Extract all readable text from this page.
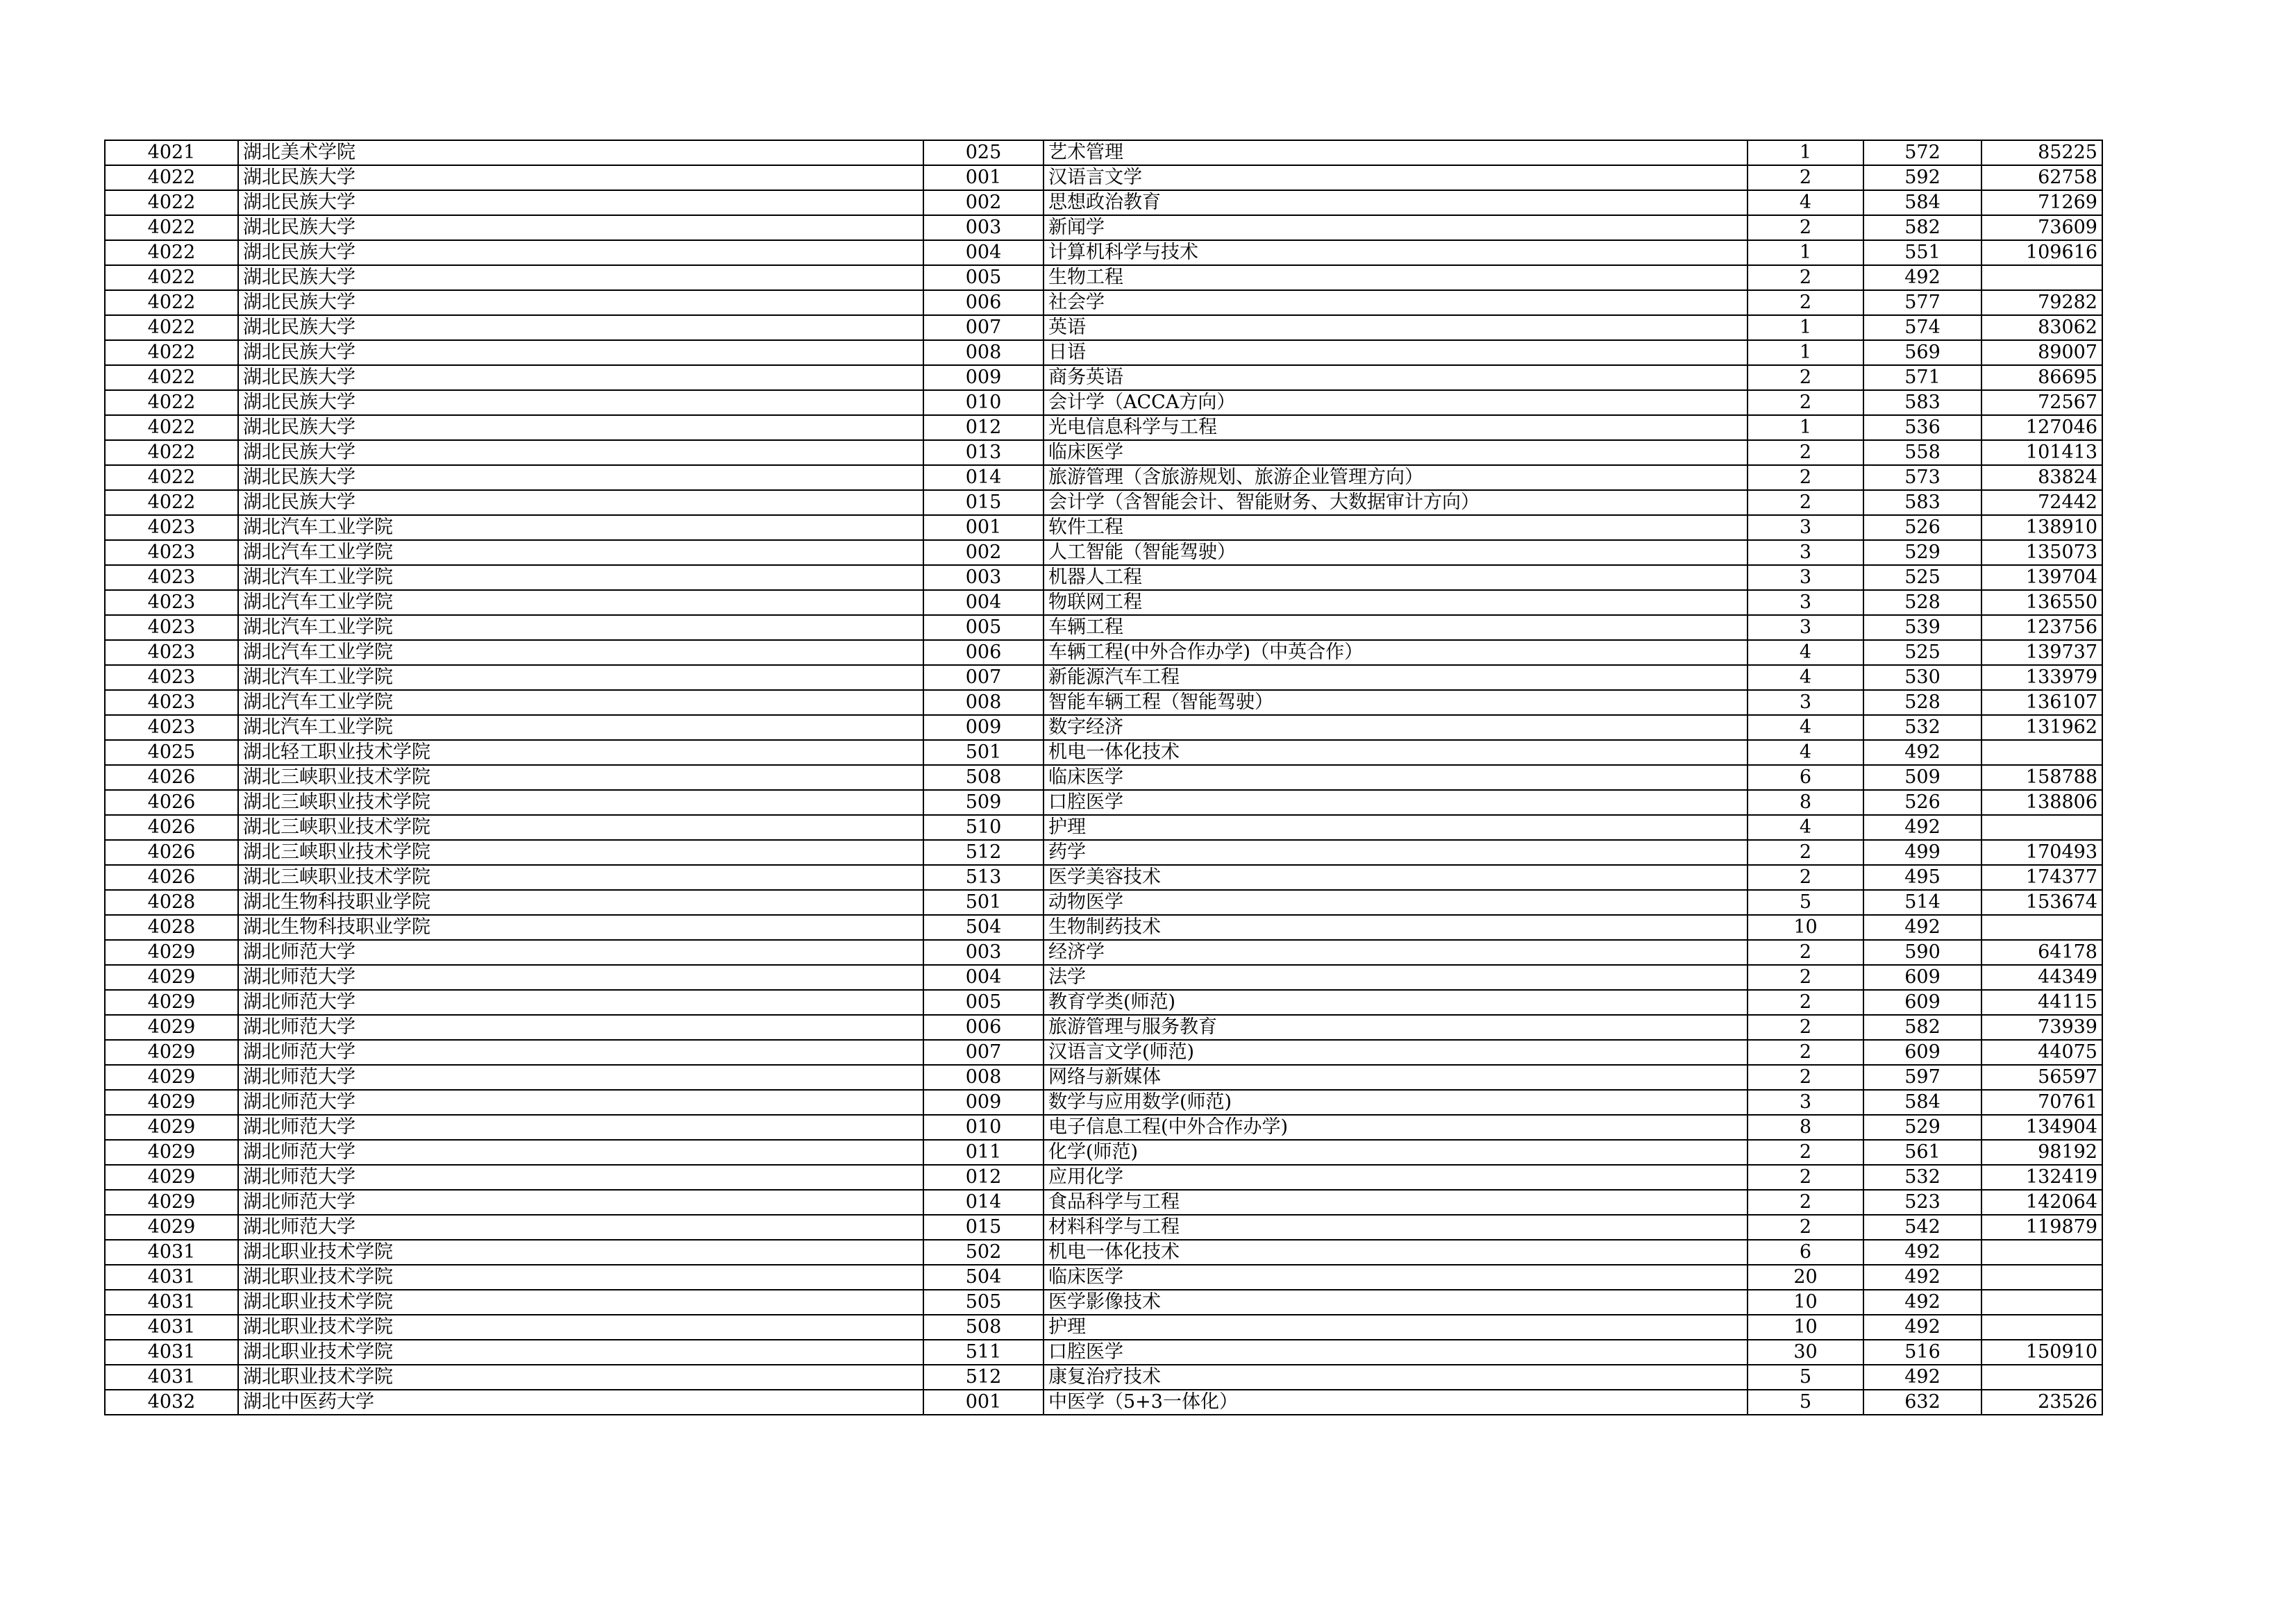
4021	湖北美术学院	025	艺术管理	1	572	85225
4022	湖北民族大学	001	汉语言文学	2	592	62758
4022	湖北民族大学	002	思想政治教育	4	584	71269
4022	湖北民族大学	003	新闻学	2	582	73609
4022	湖北民族大学	004	计算机科学与技术	1	551	109616
4022	湖北民族大学	005	生物工程	2	492	
4022	湖北民族大学	006	社会学	2	577	79282
4022	湖北民族大学	007	英语	1	574	83062
4022	湖北民族大学	008	日语	1	569	89007
4022	湖北民族大学	009	商务英语	2	571	86695
4022	湖北民族大学	010	会计学（ACCA方向）	2	583	72567
4022	湖北民族大学	012	光电信息科学与工程	1	536	127046
4022	湖北民族大学	013	临床医学	2	558	101413
4022	湖北民族大学	014	旅游管理（含旅游规划、旅游企业管理方向）	2	573	83824
4022	湖北民族大学	015	会计学（含智能会计、智能财务、大数据审计方向）	2	583	72442
4023	湖北汽车工业学院	001	软件工程	3	526	138910
4023	湖北汽车工业学院	002	人工智能（智能驾驶）	3	529	135073
4023	湖北汽车工业学院	003	机器人工程	3	525	139704
4023	湖北汽车工业学院	004	物联网工程	3	528	136550
4023	湖北汽车工业学院	005	车辆工程	3	539	123756
4023	湖北汽车工业学院	006	车辆工程(中外合作办学)（中英合作）	4	525	139737
4023	湖北汽车工业学院	007	新能源汽车工程	4	530	133979
4023	湖北汽车工业学院	008	智能车辆工程（智能驾驶）	3	528	136107
4023	湖北汽车工业学院	009	数字经济	4	532	131962
4025	湖北轻工职业技术学院	501	机电一体化技术	4	492	
4026	湖北三峡职业技术学院	508	临床医学	6	509	158788
4026	湖北三峡职业技术学院	509	口腔医学	8	526	138806
4026	湖北三峡职业技术学院	510	护理	4	492	
4026	湖北三峡职业技术学院	512	药学	2	499	170493
4026	湖北三峡职业技术学院	513	医学美容技术	2	495	174377
4028	湖北生物科技职业学院	501	动物医学	5	514	153674
4028	湖北生物科技职业学院	504	生物制药技术	10	492	
4029	湖北师范大学	003	经济学	2	590	64178
4029	湖北师范大学	004	法学	2	609	44349
4029	湖北师范大学	005	教育学类(师范)	2	609	44115
4029	湖北师范大学	006	旅游管理与服务教育	2	582	73939
4029	湖北师范大学	007	汉语言文学(师范)	2	609	44075
4029	湖北师范大学	008	网络与新媒体	2	597	56597
4029	湖北师范大学	009	数学与应用数学(师范)	3	584	70761
4029	湖北师范大学	010	电子信息工程(中外合作办学)	8	529	134904
4029	湖北师范大学	011	化学(师范)	2	561	98192
4029	湖北师范大学	012	应用化学	2	532	132419
4029	湖北师范大学	014	食品科学与工程	2	523	142064
4029	湖北师范大学	015	材料科学与工程	2	542	119879
4031	湖北职业技术学院	502	机电一体化技术	6	492	
4031	湖北职业技术学院	504	临床医学	20	492	
4031	湖北职业技术学院	505	医学影像技术	10	492	
4031	湖北职业技术学院	508	护理	10	492	
4031	湖北职业技术学院	511	口腔医学	30	516	150910
4031	湖北职业技术学院	512	康复治疗技术	5	492	
4032	湖北中医药大学	001	中医学（5+3一体化）	5	632	23526
